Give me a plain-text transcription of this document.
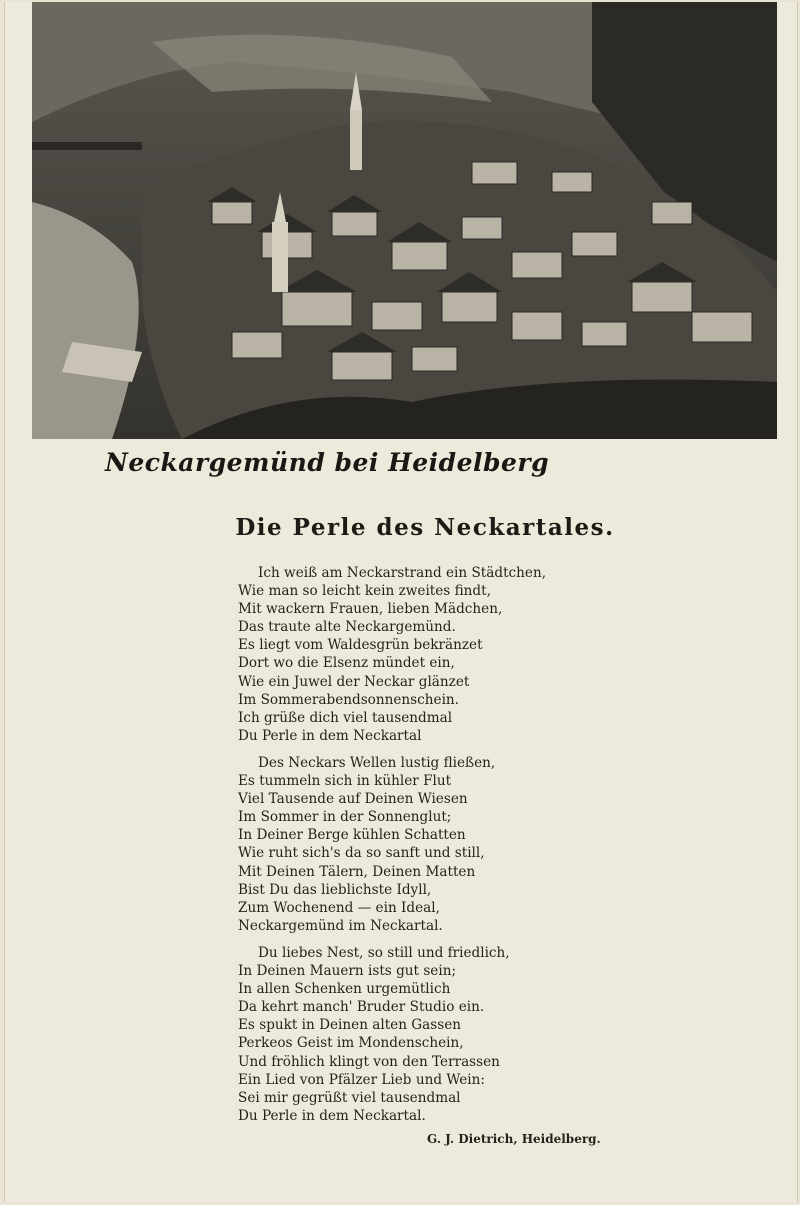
Neckargemünd bei Heidelberg
Die Perle des Neckartales.
Ich weiß am Neckarstrand ein Städtchen,
Wie man so leicht kein zweites findt,
Mit wackern Frauen, lieben Mädchen,
Das traute alte Neckargemünd.
Es liegt vom Waldesgrün bekränzet
Dort wo die Elsenz mündet ein,
Wie ein Juwel der Neckar glänzet
Im Sommerabendsonnenschein.
Ich grüße dich viel tausendmal
Du Perle in dem Neckartal
Des Neckars Wellen lustig fließen,
Es tummeln sich in kühler Flut
Viel Tausende auf Deinen Wiesen
Im Sommer in der Sonnenglut;
In Deiner Berge kühlen Schatten
Wie ruht sich's da so sanft und still,
Mit Deinen Tälern, Deinen Matten
Bist Du das lieblichste Idyll,
Zum Wochenend — ein Ideal,
Neckargemünd im Neckartal.
Du liebes Nest, so still und friedlich,
In Deinen Mauern ists gut sein;
In allen Schenken urgemütlich
Da kehrt manch' Bruder Studio ein.
Es spukt in Deinen alten Gassen
Perkeos Geist im Mondenschein,
Und fröhlich klingt von den Terrassen
Ein Lied von Pfälzer Lieb und Wein:
Sei mir gegrüßt viel tausendmal
Du Perle in dem Neckartal.
G. J. Dietrich, Heidelberg.
